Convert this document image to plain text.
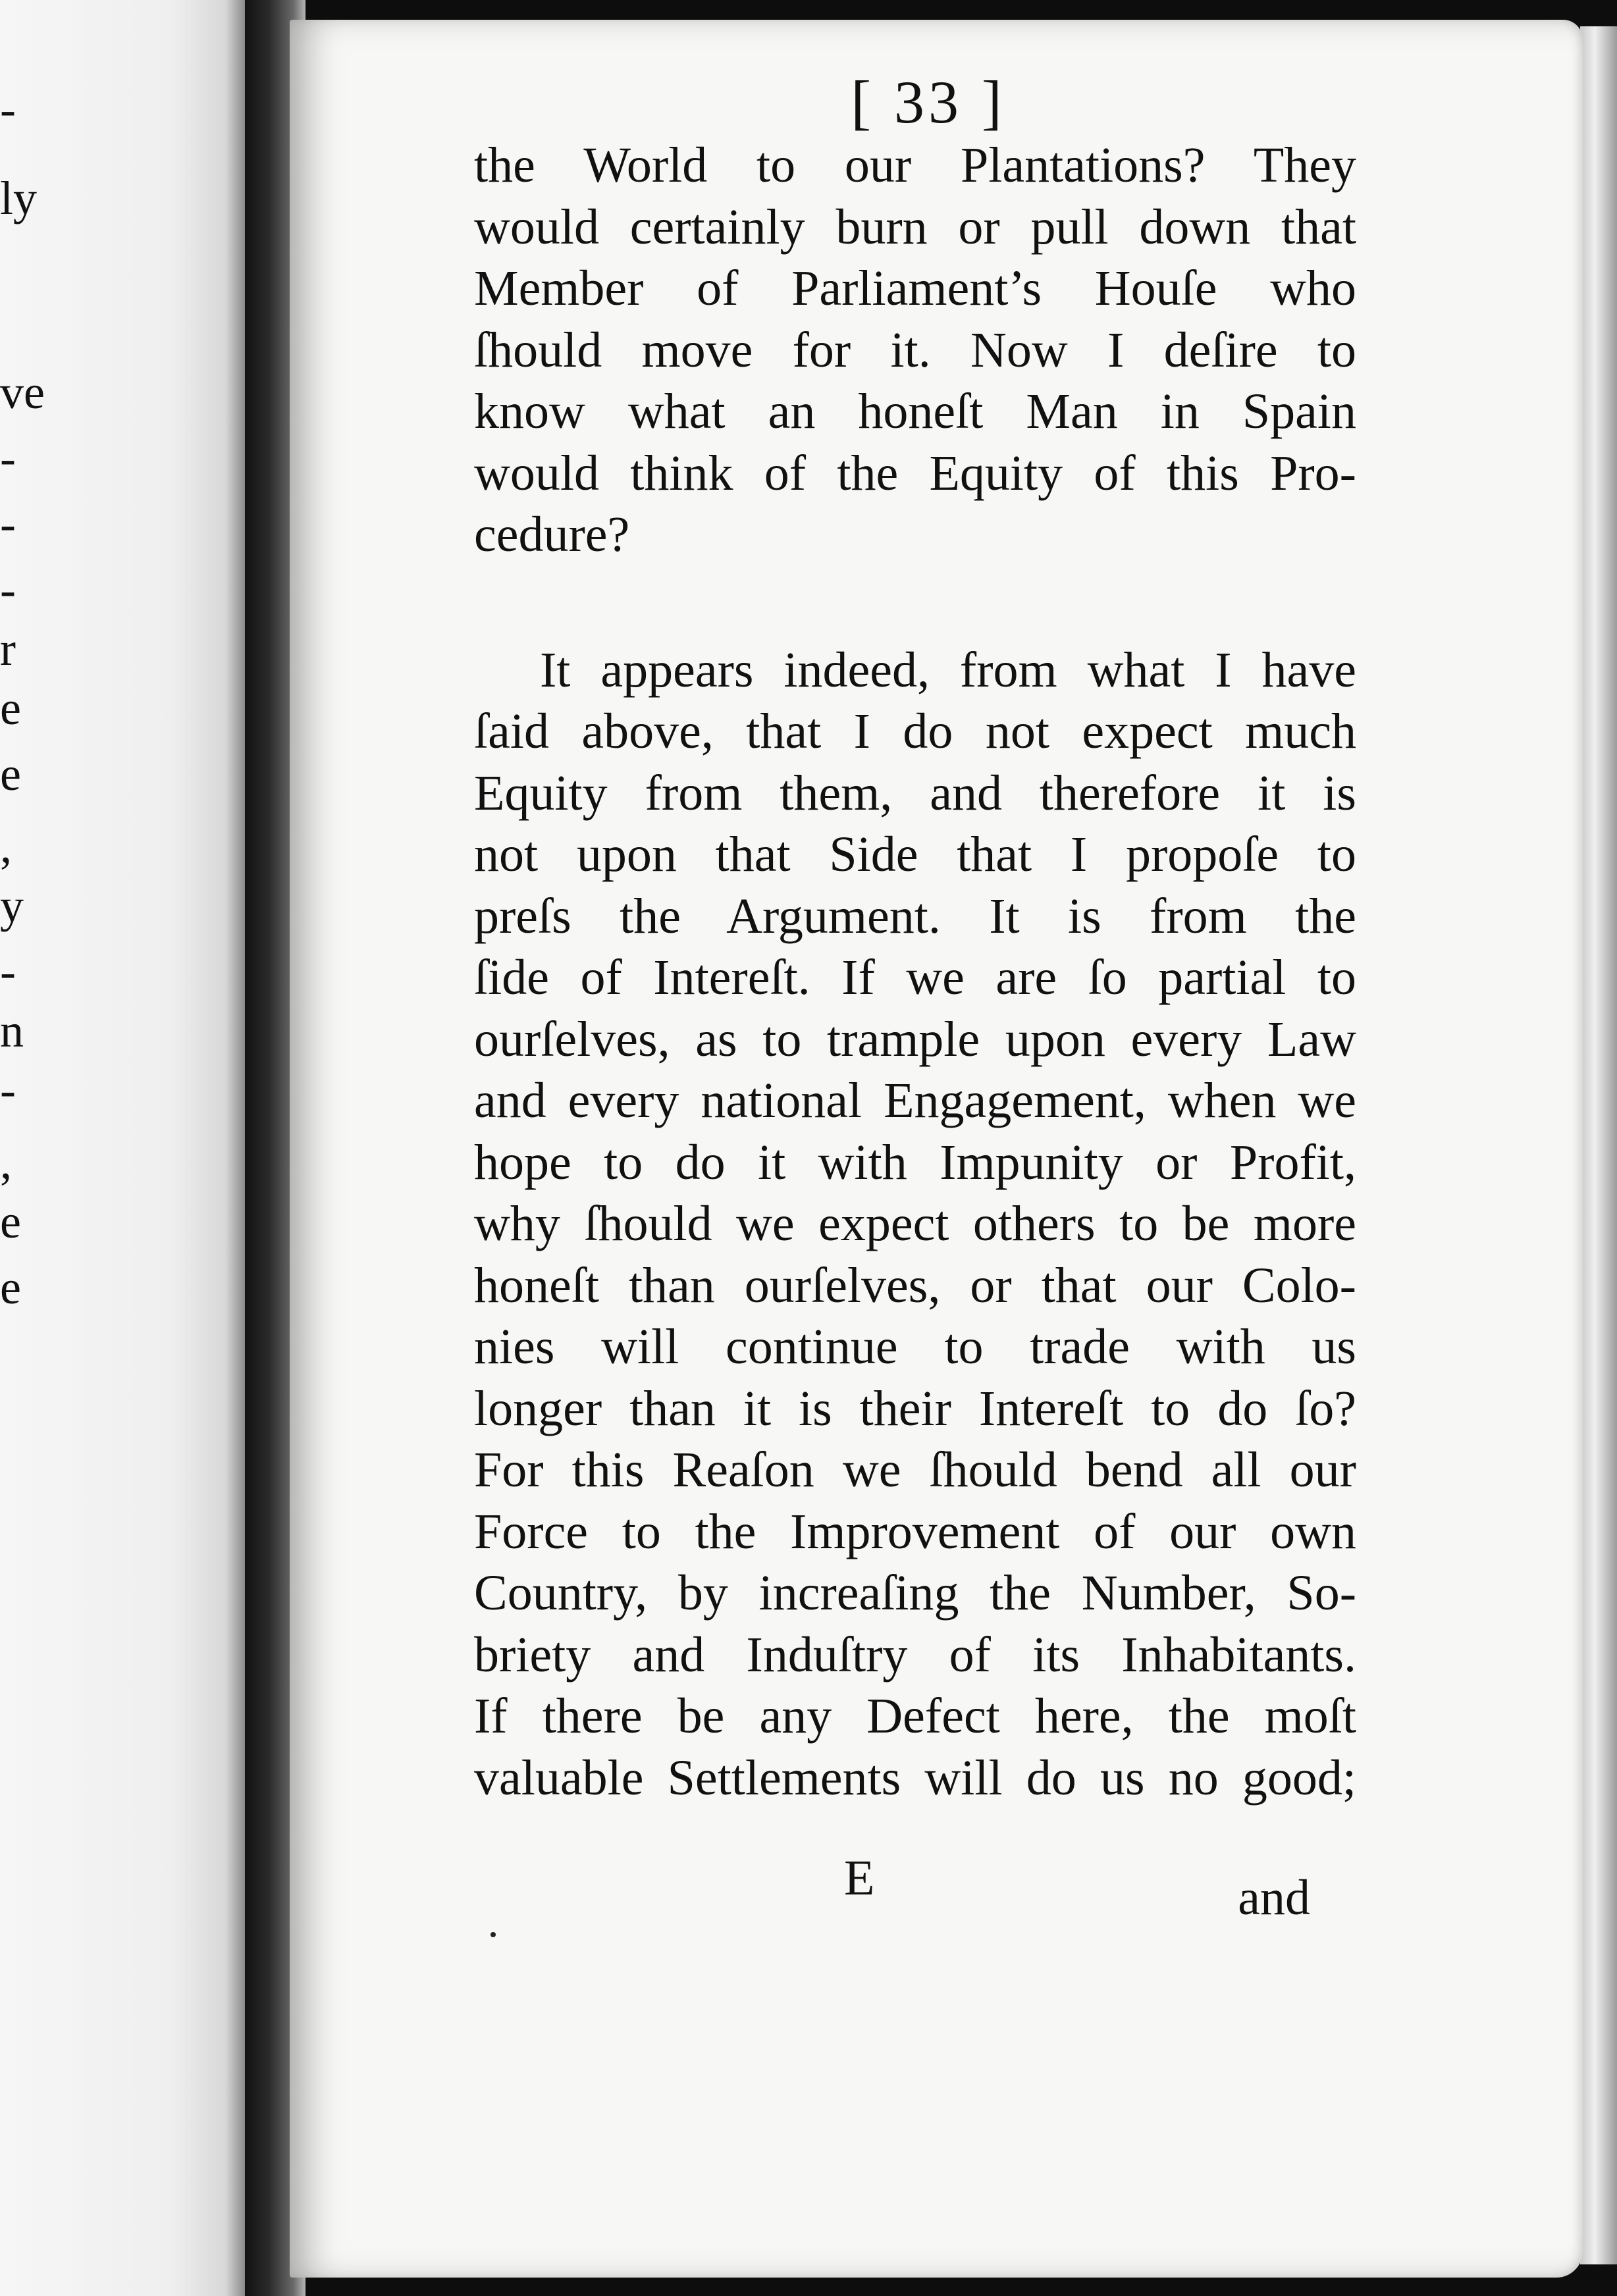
-
ly
ve
-
-
-
r
e
e
,
y
-
n
-
,
e
e
[ 33 ]
the World to our Plantations? They
would certainly burn or pull down that
Member of Parliament’s Houſe who
ſhould move for it. Now I deſire to
know what an honeſt Man in Spain
would think of the Equity of this Pro-
cedure?
It appears indeed, from what I have
ſaid above, that I do not expect much
Equity from them, and therefore it is
not upon that Side that I propoſe to
preſs the Argument. It is from the
ſide of Intereſt. If we are ſo partial to
ourſelves, as to trample upon every Law
and every national Engagement, when we
hope to do it with Impunity or Profit,
why ſhould we expect others to be more
honeſt than ourſelves, or that our Colo-
nies will continue to trade with us
longer than it is their Intereſt to do ſo?
For this Reaſon we ſhould bend all our
Force to the Improvement of our own
Country, by increaſing the Number, So-
briety and Induſtry of its Inhabitants.
If there be any Defect here, the moſt
valuable Settlements will do us no good;
E	and
